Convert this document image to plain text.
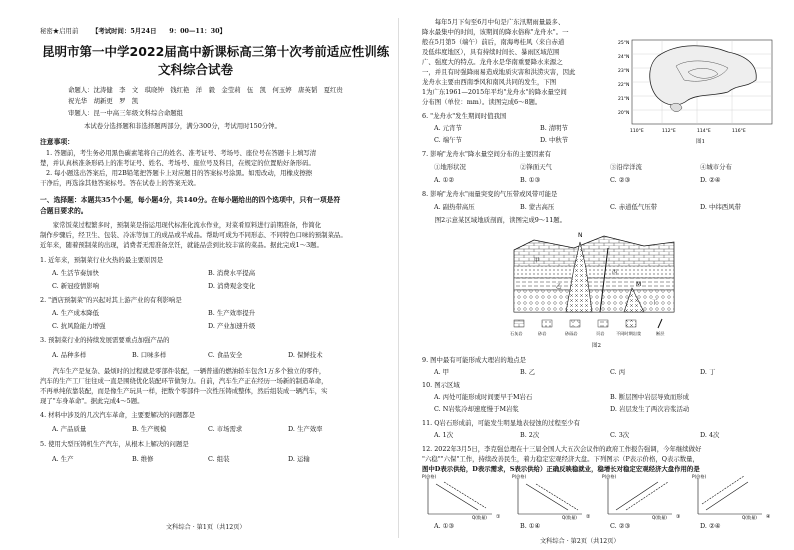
秘密★启用前 【考试时间：5月24日　　9：00—11：30】
昆明市第一中学2022届高中新课标高三第十次考前适应性训练
文科综合试卷
命题人：沈涛健　李　文　琪晓钟　钱红艳　洋　毅　金莹莉　伍　凯　何玉婷　唐英韬　夏红贵
祝光华　胡新更　罗　凯
审题人：昆一中高三年级文科综合命题组
本试卷分选择题和非选择题两部分，满分300分，考试用时150分钟。
注意事项：
1. 答题前，考生务必用黑色碳素笔将自己的姓名、准考证号、考场号、座位号在答题卡上填写清
楚，并认真核准条形码上的准考证号、姓名、考场号、座位号及科目，在规定的位置贴好条形码。
2. 每小题选出答案后，用2B铅笔把答题卡上对应题目的答案标号涂黑。如需改动，用橡皮擦擦
干净后，再选涂其他答案标号。答在试卷上的答案无效。
一、选择题：本题共35个小题，每小题4分，共140分。在每小题给出的四个选项中，只有一项是符
合题目要求的。
　　家常饭菜过程繁多时，预制菜是指运用现代标准化流水作业，对菜肴原料进行前期准备，作简化
制作步骤后，经卫生、包装、冷冻等加工的成品或半成品。帮助可成为不同形态、不同特色口味的预制菜品。
近年来，随着预制菜的出现，消费者无需准备烹饪，就能品尝到比较丰富的菜品。据此完成1～3题。
1. 近年来，预制菜行业火热的最主要原因是
A. 生活节奏加快	B. 消费水平提高
C. 新冠疫情影响	D. 消费观念变化
2. "酒店预制菜"的兴起对其上游产业的有利影响是
A. 生产成本降低	B. 生产效率提升
C. 抗风险能力增强	D. 产业加速升级
3. 预制菜行业的持续发展需要重点加强产品的
A. 品种多样	B. 口味多样	C. 食品安全	D. 保鲜技术
　　汽车生产是复杂、最烦时的过程就是零部件装配，一辆普通的燃油轿车包含1万多个独立的零件，
汽车的生产工厂往往成一直是围绕优化装配环节做努力。自前，汽车生产正在经历一场新的制造革命，
不再单纯依靠装配，而是像生产玩具一样，把数个零部件一次性压铸成整体，然后组装成一辆汽车，实
现了"车身革命"。据此完成4～5题。
4. 材料中涉及的几次汽车革命，主要要解决的问题都是
A. 产品质量	B. 生产规模	C. 市场需求	D. 生产效率
5. 使用大型压铸机生产汽车，从根本上解决的问题是
A. 生产	B. 维修	C. 组装	D. 运输
文科综合 · 第1页（共12页）
　　每年5月下旬至6月中旬是广东汛期雨量最多、
降水最集中的时间，该期间的降水俗称"龙舟水"。一
般在5月第5（端午）前后，南海粤桂风（来自赤道
及低纬度地区），具有持续时间长、暴雨区域范围
广、强度大的特点。龙舟水是华南重要降水来源之
一，并且有时强降雨易造成地质灾害和洪涝灾害，因此
龙舟水主要由西南季风和南风共同的发生，下图
1为广东1961—2015年平均"龙舟水"的降水量空间
分布图（单位：mm）。读图完成6～8题。
25°N
24°N
23°N
22°N
21°N
20°N
110°E	112°E	114°E	116°E
图1
6. "龙舟水"发生期间时值我国
A. 元宵节	B. 清明节
C. 端午节	D. 中秋节
7. 影响"龙舟水"降水量空间分布的主要因素有
①地形状况	②锋面天气	③沿岸洋流	④城市分布
A. ①②	B. ①③	C. ②③	D. ②④
8. 影响"龙舟水"雨量突变的气压带或风带可能是
A. 副热带高压	B. 蒙古高压	C. 赤道低气压带	D. 中纬西风带
　　图2示意某区域地质剖面，读图完成9～11题。
N
M
甲
乙
丙
丁
石灰岩	砂岩	砂砾岩	页岩	不同时期岩浆	断层
图2
9. 图中最有可能形成大理岩的地点是
A. 甲	B. 乙	C. 丙	D. 丁
10. 图示区域
A. 丙处可能形成时间要早于M岩石	B. 断层图中岩层导致而形成
C. N岩浆冷却速度慢于M岩浆	D. 岩层发生了两次岩浆活动
11. Q岩石形成前，可能发生明显地表侵蚀的过程至少有
A. 1次	B. 2次	C. 3次	D. 4次
12. 2022年3月5日，李克强总理在十三届全国人大五次会议作的政府工作报告强调，今年继续做好
"六稳""六保"工作，持续改善民生，着力稳定宏观经济大盘。下列图示（P表示价格，Q表示数量，
图中D表示供给，D表示需求，S表示供给）正确反映稳就业，稳增长对稳定宏观经济大盘作用的是
P(价格)
Q(数量) ①
P(价格)
Q(数量) ②
P(价格)
Q(数量) ③
P(价格)
Q(数量) ④
A. ①③	B. ①④	C. ②③	D. ②④
文科综合 · 第2页（共12页）
